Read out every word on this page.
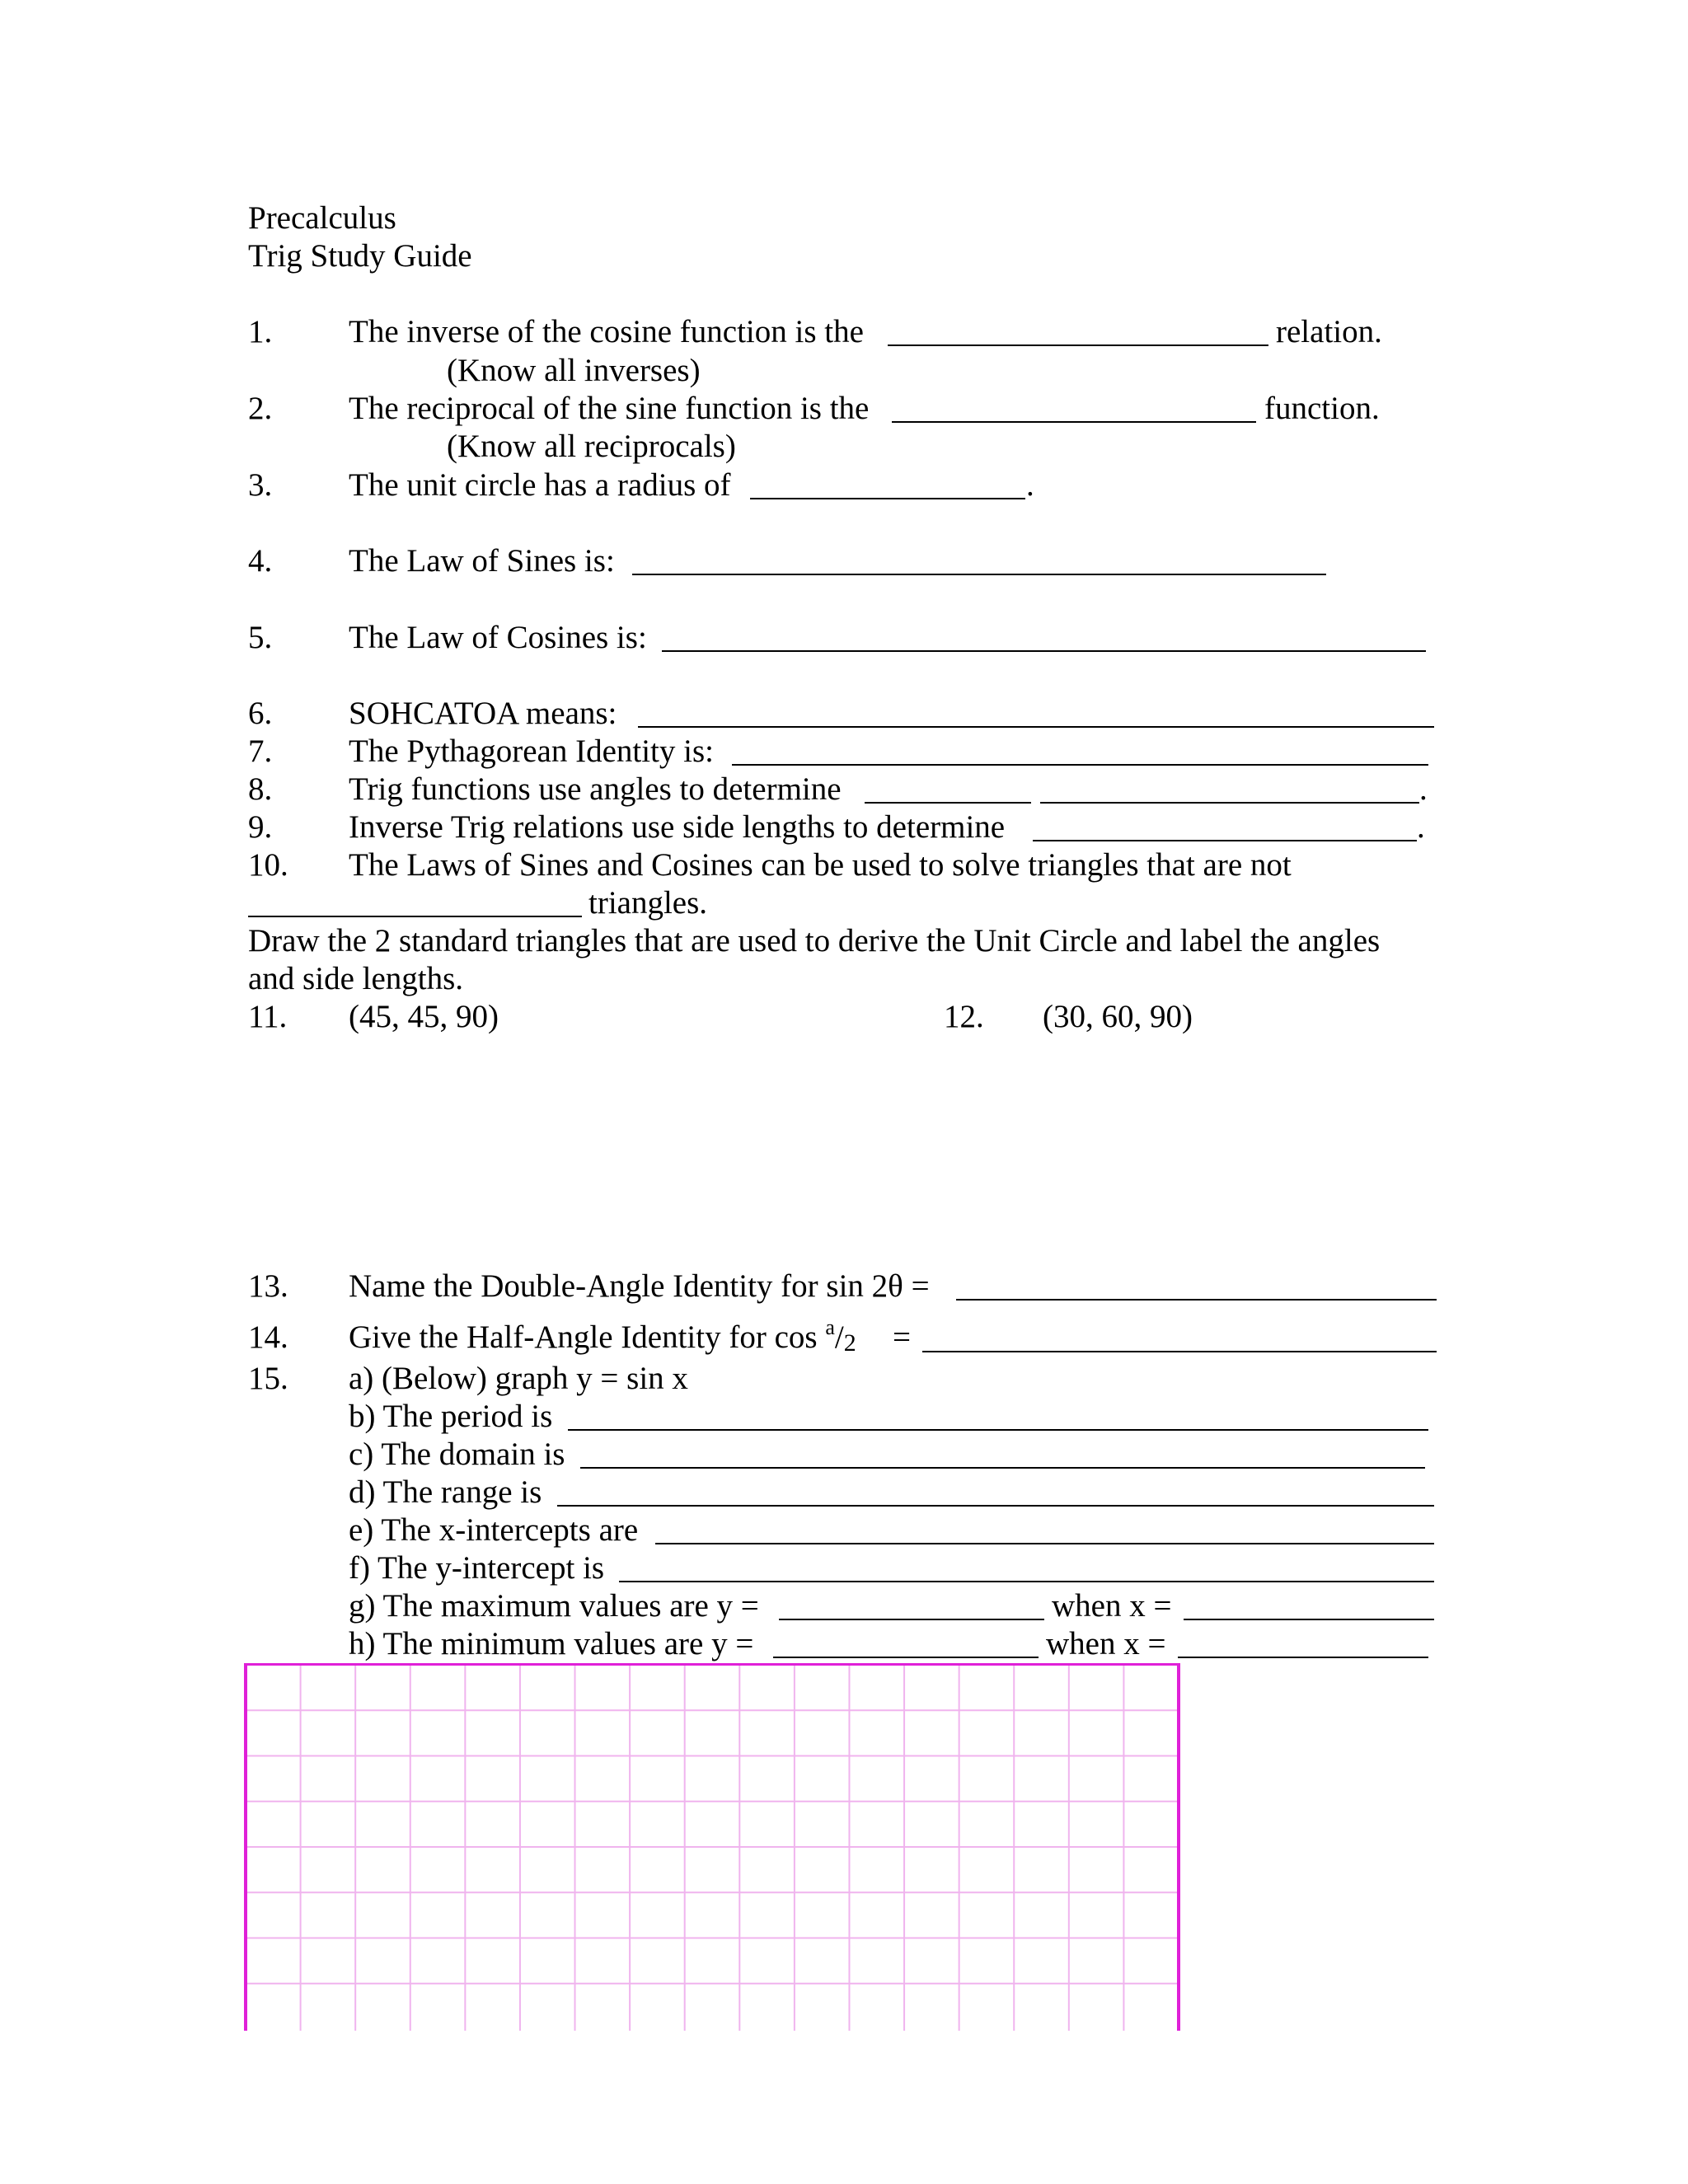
Precalculus
Trig Study Guide
1. The inverse of the cosine function is the	relation.
(Know all inverses)
2. The reciprocal of the sine function is the	function.
(Know all reciprocals)
3. The unit circle has a radius of	.
4. The Law of Sines is:
5. The Law of Cosines is:
6. SOHCATOA means:
7. The Pythagorean Identity is:
8. Trig functions use angles to determine	.
9. Inverse Trig relations use side lengths to determine	.
10. The Laws of Sines and Cosines can be used to solve triangles that are not
triangles.
Draw the 2 standard triangles that are used to derive the Unit Circle and label the angles
and side lengths.
11. (45, 45, 90)	12. (30, 60, 90)
13. Name the Double-Angle Identity for sin 2θ =
14. Give the Half-Angle Identity for cos $^a$/2 =
15. a) (Below) graph y = sin x
b) The period is
c) The domain is
d) The range is
e) The x-intercepts are
f) The y-intercept is
g) The maximum values are y =	when x =
h) The minimum values are y =	when x =
